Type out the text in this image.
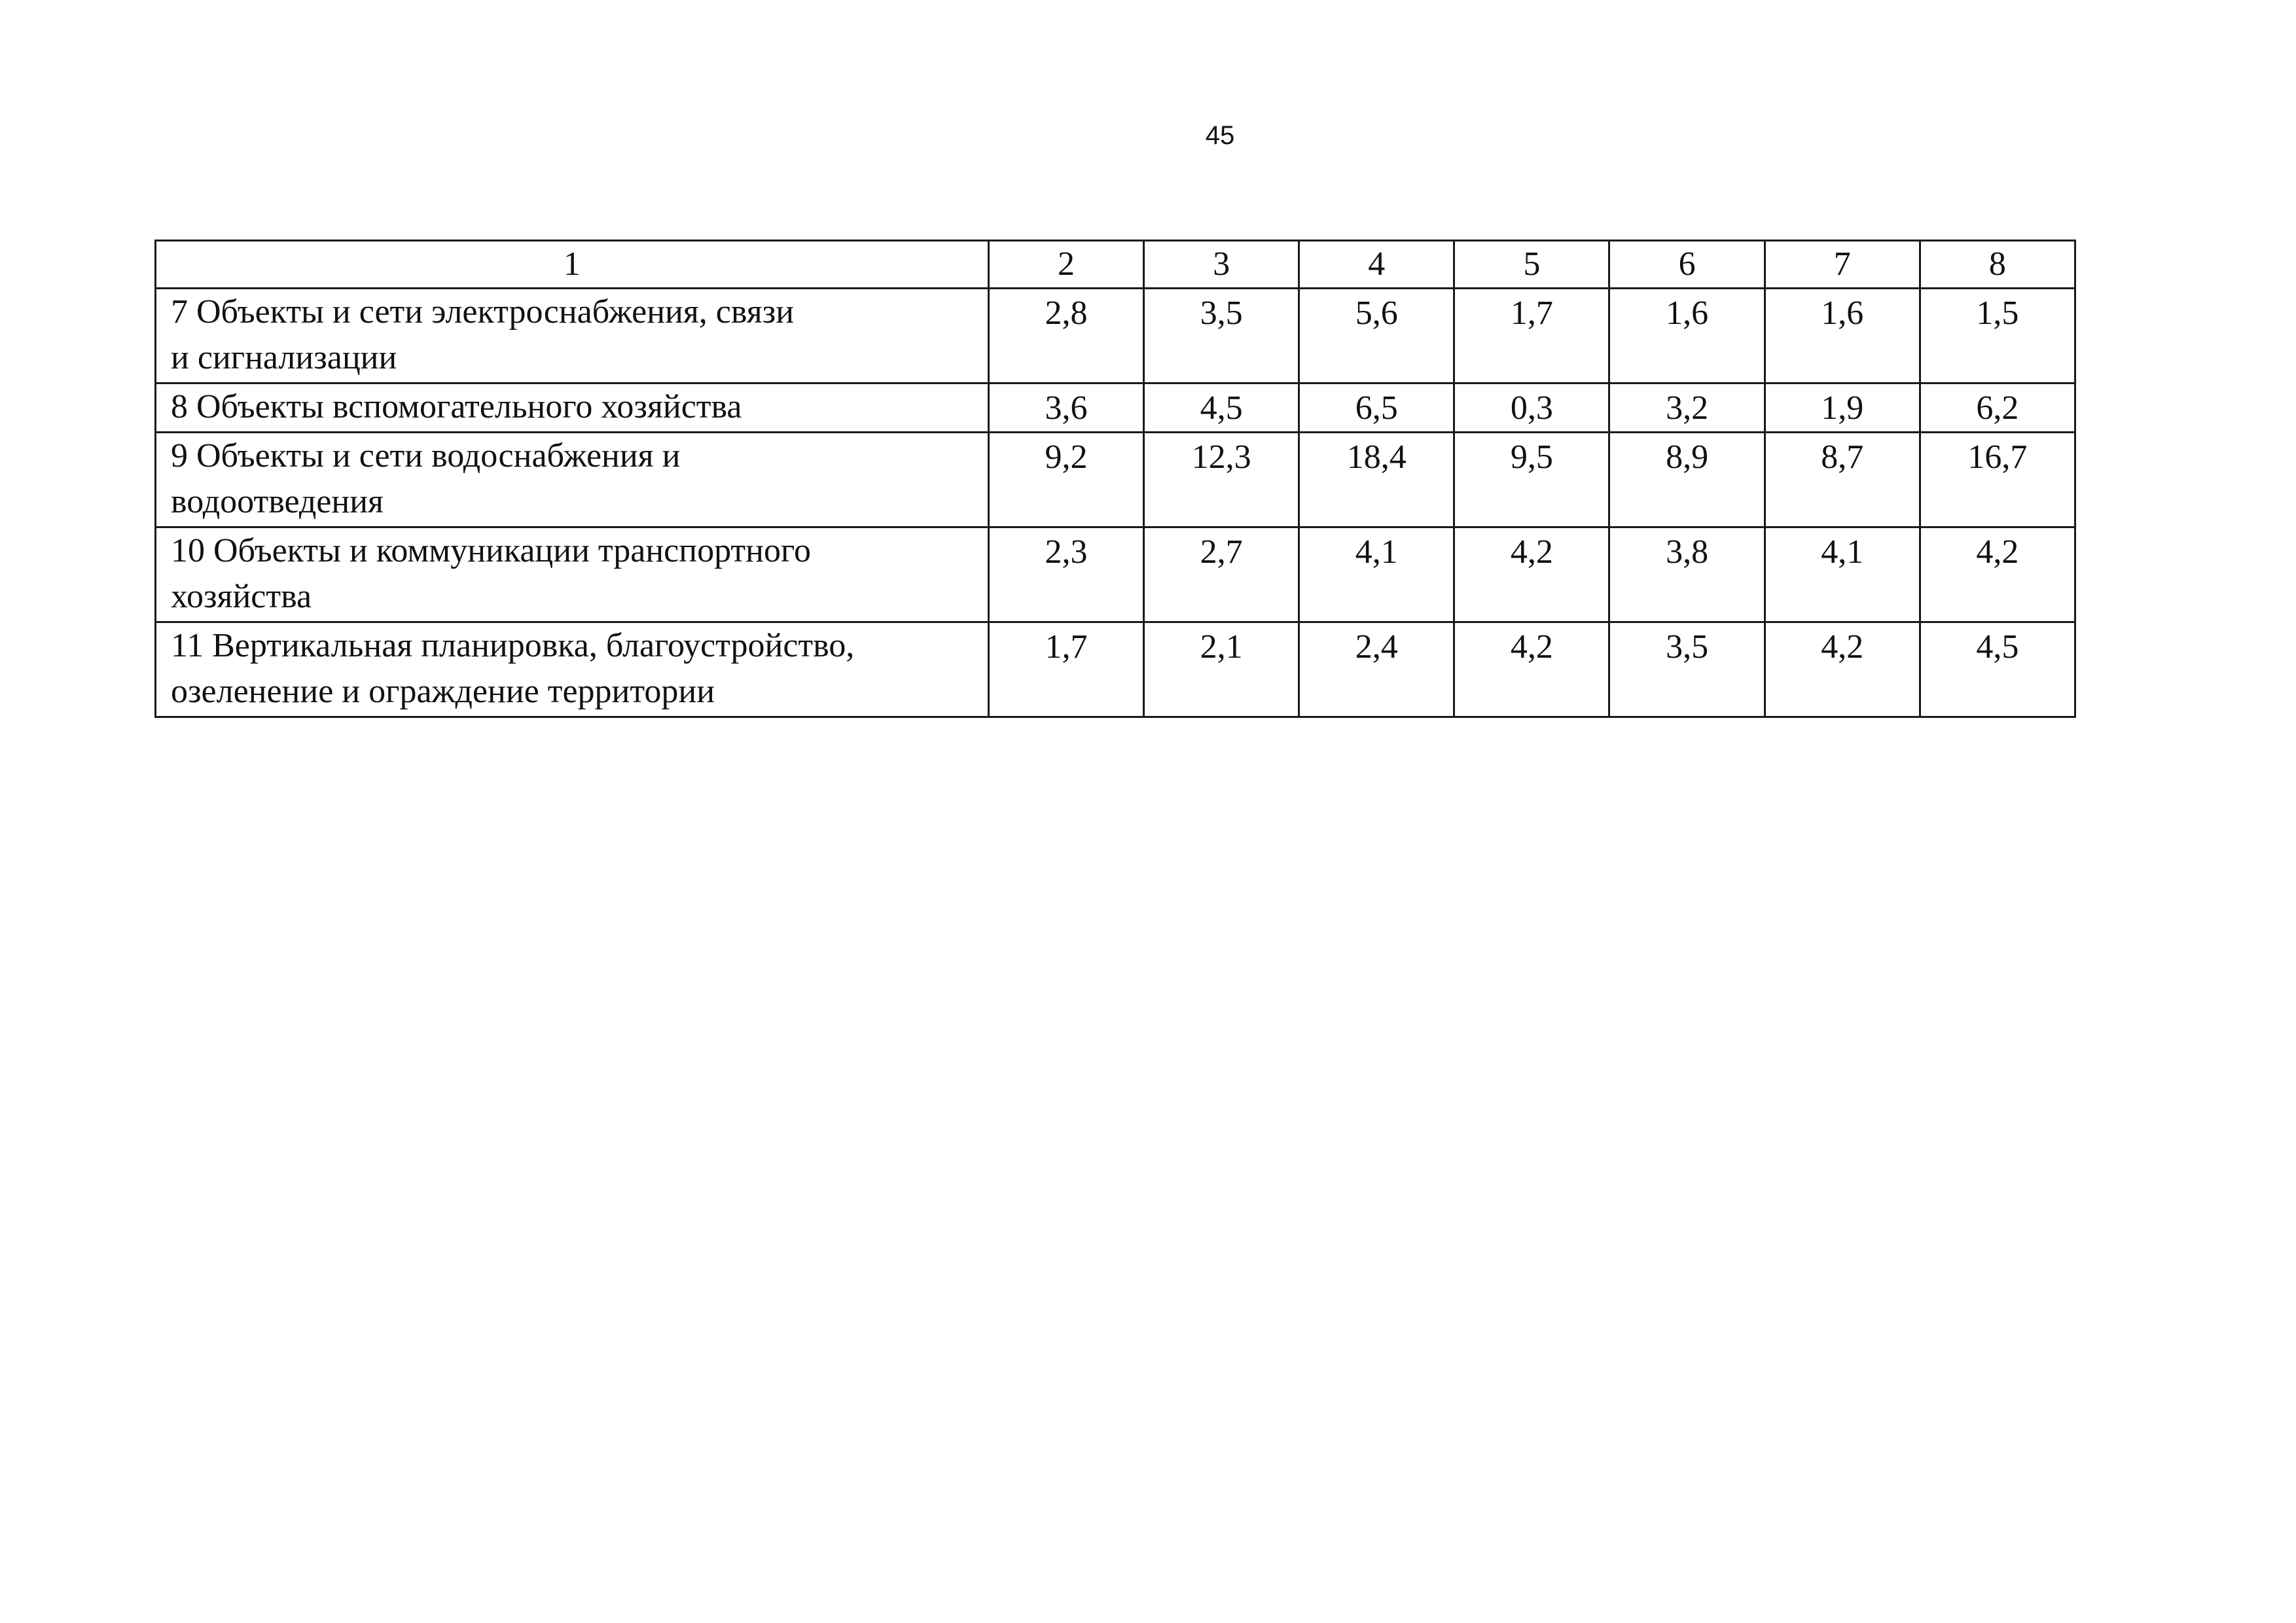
45
1	2	3	4	5	6	7	8
7 Объекты и сети электроснабжения, связи
и сигнализации	2,8	3,5	5,6	1,7	1,6	1,6	1,5
8 Объекты вспомогательного хозяйства	3,6	4,5	6,5	0,3	3,2	1,9	6,2
9 Объекты и сети водоснабжения и
водоотведения	9,2	12,3	18,4	9,5	8,9	8,7	16,7
10 Объекты и коммуникации транспортного
хозяйства	2,3	2,7	4,1	4,2	3,8	4,1	4,2
11 Вертикальная планировка, благоустройство,
озеленение и ограждение территории	1,7	2,1	2,4	4,2	3,5	4,2	4,5
